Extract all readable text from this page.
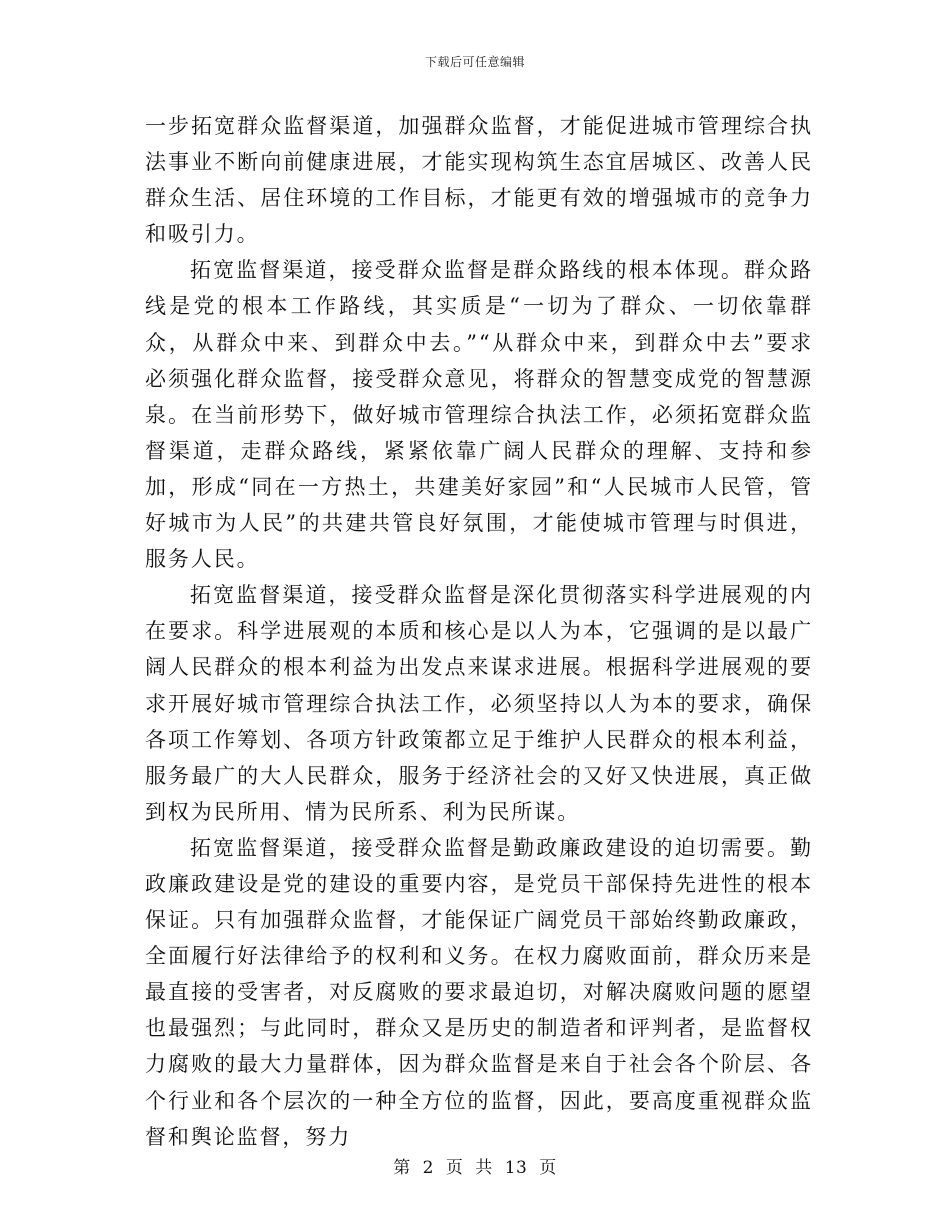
下载后可任意编辑

一步拓宽群众监督渠道，加强群众监督，才能促进城市管理综合执法事业不断向前健康进展，才能实现构筑生态宜居城区、改善人民群众生活、居住环境的工作目标，才能更有效的增强城市的竞争力和吸引力。

拓宽监督渠道，接受群众监督是群众路线的根本体现。群众路线是党的根本工作路线，其实质是“一切为了群众、一切依靠群众，从群众中来、到群众中去。”“从群众中来，到群众中去”要求必须强化群众监督，接受群众意见，将群众的智慧变成党的智慧源泉。在当前形势下，做好城市管理综合执法工作，必须拓宽群众监督渠道，走群众路线，紧紧依靠广阔人民群众的理解、支持和参加，形成“同在一方热土，共建美好家园”和“人民城市人民管，管好城市为人民”的共建共管良好氛围，才能使城市管理与时俱进，服务人民。

拓宽监督渠道，接受群众监督是深化贯彻落实科学进展观的内在要求。科学进展观的本质和核心是以人为本，它强调的是以最广阔人民群众的根本利益为出发点来谋求进展。根据科学进展观的要求开展好城市管理综合执法工作，必须坚持以人为本的要求，确保各项工作筹划、各项方针政策都立足于维护人民群众的根本利益，服务最广的大人民群众，服务于经济社会的又好又快进展，真正做到权为民所用、情为民所系、利为民所谋。

拓宽监督渠道，接受群众监督是勤政廉政建设的迫切需要。勤政廉政建设是党的建设的重要内容，是党员干部保持先进性的根本保证。只有加强群众监督，才能保证广阔党员干部始终勤政廉政，全面履行好法律给予的权利和义务。在权力腐败面前，群众历来是最直接的受害者，对反腐败的要求最迫切，对解决腐败问题的愿望也最强烈；与此同时，群众又是历史的制造者和评判者，是监督权力腐败的最大力量群体，因为群众监督是来自于社会各个阶层、各个行业和各个层次的一种全方位的监督，因此，要高度重视群众监督和舆论监督，努力

第 2 页 共 13 页
